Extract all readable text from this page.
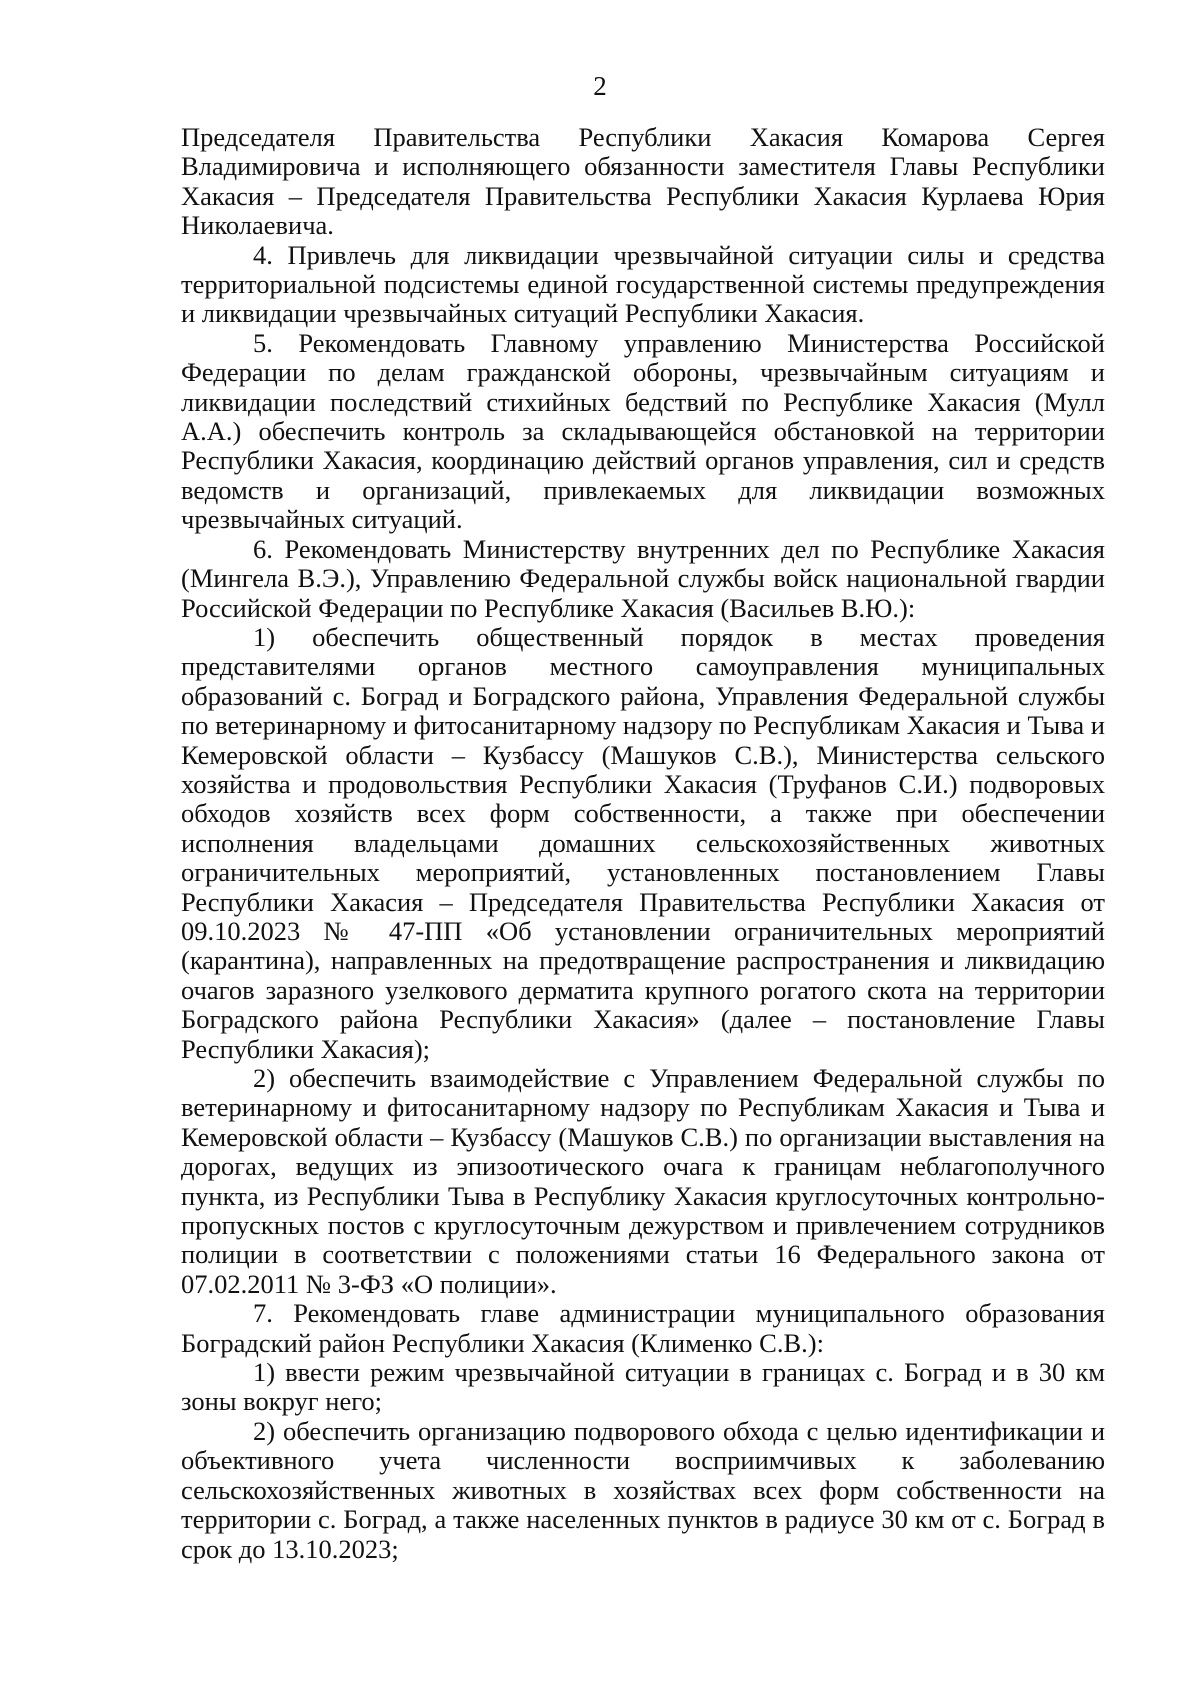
2

Председателя Правительства Республики Хакасия Комарова Сергея Владимировича и исполняющего обязанности заместителя Главы Республики Хакасия – Председателя Правительства Республики Хакасия Курлаева Юрия Николаевича.

4. Привлечь для ликвидации чрезвычайной ситуации силы и средства территориальной подсистемы единой государственной системы предупреждения и ликвидации чрезвычайных ситуаций Республики Хакасия.

5. Рекомендовать Главному управлению Министерства Российской Федерации по делам гражданской обороны, чрезвычайным ситуациям и ликвидации последствий стихийных бедствий по Республике Хакасия (Мулл А.А.) обеспечить контроль за складывающейся обстановкой на территории Республики Хакасия, координацию действий органов управления, сил и средств ведомств и организаций, привлекаемых для ликвидации возможных чрезвычайных ситуаций.

6. Рекомендовать Министерству внутренних дел по Республике Хакасия (Мингела В.Э.), Управлению Федеральной службы войск национальной гвардии Российской Федерации по Республике Хакасия (Васильев В.Ю.):

1) обеспечить общественный порядок в местах проведения представителями органов местного самоуправления муниципальных образований с. Боград и Боградского района, Управления Федеральной службы по ветеринарному и фитосанитарному надзору по Республикам Хакасия и Тыва и Кемеровской области – Кузбассу (Машуков С.В.), Министерства сельского хозяйства и продовольствия Республики Хакасия (Труфанов С.И.) подворовых обходов хозяйств всех форм собственности, а также при обеспечении исполнения владельцами домашних сельскохозяйственных животных ограничительных мероприятий, установленных постановлением Главы Республики Хакасия – Председателя Правительства Республики Хакасия от 09.10.2023 № 47-ПП «Об установлении ограничительных мероприятий (карантина), направленных на предотвращение распространения и ликвидацию очагов заразного узелкового дерматита крупного рогатого скота на территории Боградского района Республики Хакасия» (далее – постановление Главы Республики Хакасия);

2) обеспечить взаимодействие с Управлением Федеральной службы по ветеринарному и фитосанитарному надзору по Республикам Хакасия и Тыва и Кемеровской области – Кузбассу (Машуков С.В.) по организации выставления на дорогах, ведущих из эпизоотического очага к границам неблагополучного пункта, из Республики Тыва в Республику Хакасия круглосуточных контрольно-пропускных постов с круглосуточным дежурством и привлечением сотрудников полиции в соответствии с положениями статьи 16 Федерального закона от 07.02.2011 № 3-ФЗ «О полиции».

7. Рекомендовать главе администрации муниципального образования Боградский район Республики Хакасия (Клименко С.В.):

1) ввести режим чрезвычайной ситуации в границах с. Боград и в 30 км зоны вокруг него;

2) обеспечить организацию подворового обхода с целью идентификации и объективного учета численности восприимчивых к заболеванию сельскохозяйственных животных в хозяйствах всех форм собственности на территории с. Боград, а также населенных пунктов в радиусе 30 км от с. Боград в срок до 13.10.2023;
